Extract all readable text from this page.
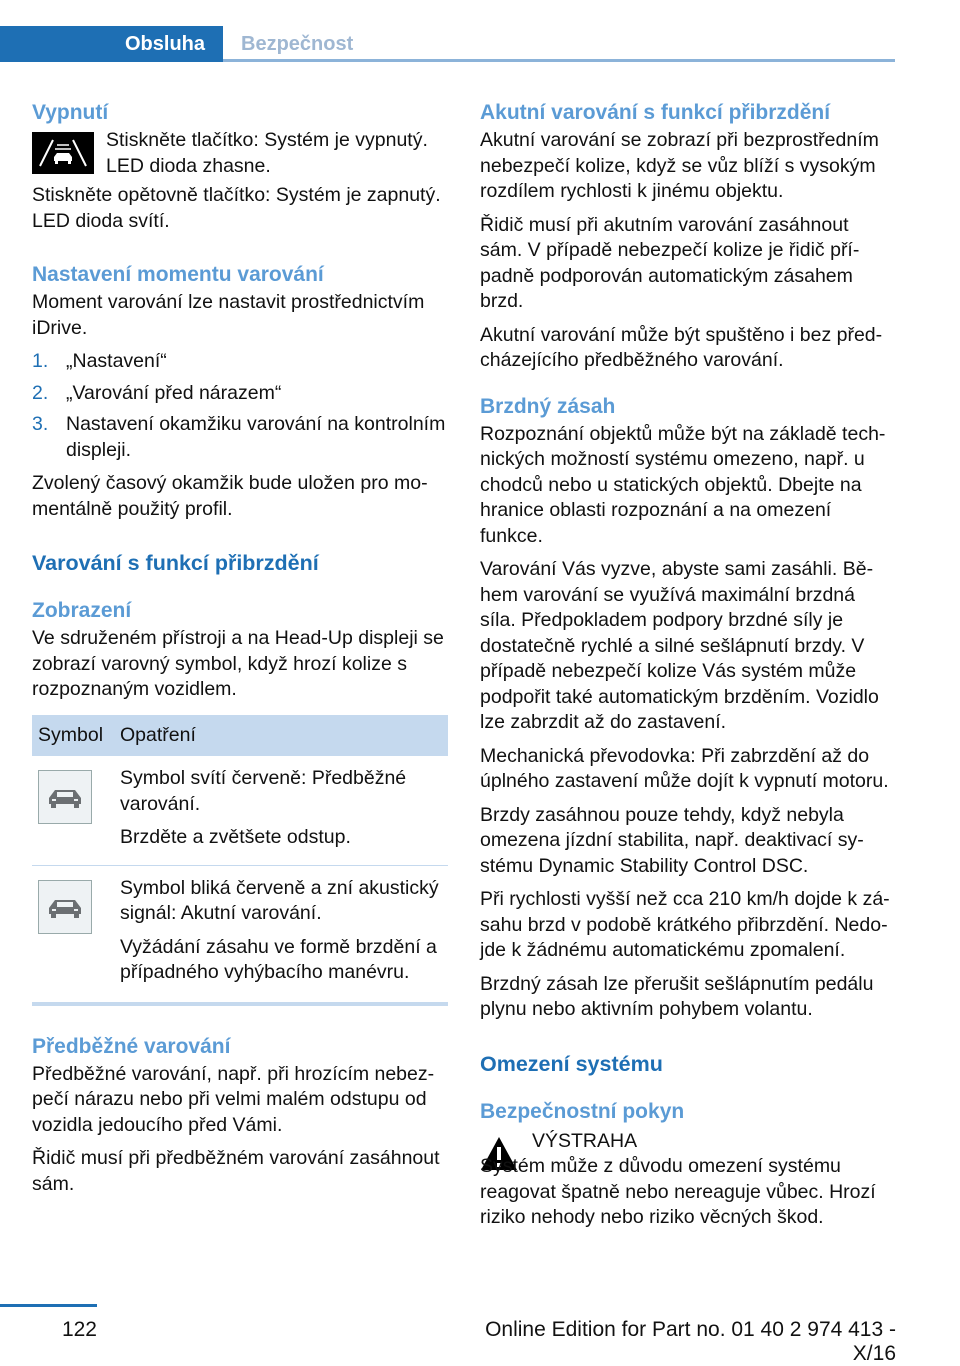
Obsluha	Bezpečnost
Vypnutí
Stiskněte tlačítko: Systém je vypnutý. LED dioda zhasne.

Stiskněte opětovně tlačítko: Systém je zapnutý. LED dioda svítí.

Nastavení momentu varování

Moment varování lze nastavit prostřednictvím iDrive.

1. „Nastavení“
2. „Varování před nárazem“
3. Nastavení okamžiku varování na kontrolním displeji.

Zvolený časový okamžik bude uložen pro momentálně použitý profil.

Varování s funkcí přibrzdění
Zobrazení

Ve sdruženém přístroji a na Head-Up displeji se zobrazí varovný symbol, když hrozí kolize s rozpoznaným vozidlem.

Symbol	Opatření

Symbol svítí červeně: Předběžné varování.

Brzděte a zvětšete odstup.

Symbol bliká červeně a zní akustický signál: Akutní varování.

Vyžádání zásahu ve formě brzdění a případného vyhýbacího manévru.

Předběžné varování

Předběžné varování, např. při hrozícím nebezpečí nárazu nebo při velmi malém odstupu od vozidla jedoucího před Vámi.

Řidič musí při předběžném varování zasáhnout sám.

Akutní varování s funkcí přibrzdění

Akutní varování se zobrazí při bezprostředním nebezpečí kolize, když se vůz blíží s vysokým rozdílem rychlosti k jinému objektu.

Řidič musí při akutním varování zasáhnout sám. V případě nebezpečí kolize je řidič případně podporován automatickým zásahem brzd.

Akutní varování může být spuštěno i bez předcházejícího předběžného varování.

Brzdný zásah

Rozpoznání objektů může být na základě technických možností systému omezeno, např. u chodců nebo u statických objektů. Dbejte na hranice oblasti rozpoznání a na omezení funkce.

Varování Vás vyzve, abyste sami zasáhli. Během varování se využívá maximální brzdná síla. Předpokladem podpory brzdné síly je dostatečně rychlé a silné sešlápnutí brzdy. V případě nebezpečí kolize Vás systém může podpořit také automatickým brzděním. Vozidlo lze zabrzdit až do zastavení.

Mechanická převodovka: Při zabrzdění až do úplného zastavení může dojít k vypnutí motoru.

Brzdy zasáhnou pouze tehdy, když nebyla omezena jízdní stabilita, např. deaktivací systému Dynamic Stability Control DSC.

Při rychlosti vyšší než cca 210 km/h dojde k zásahu brzd v podobě krátkého přibrzdění. Nedojde k žádnému automatickému zpomalení.

Brzdný zásah lze přerušit sešlápnutím pedálu plynu nebo aktivním pohybem volantu.

Omezení systému
Bezpečnostní pokyn
VÝSTRAHA
Systém může z důvodu omezení systému reagovat špatně nebo nereaguje vůbec. Hrozí riziko nehody nebo riziko věcných škod.
122	Online Edition for Part no. 01 40 2 974 413 - X/16
